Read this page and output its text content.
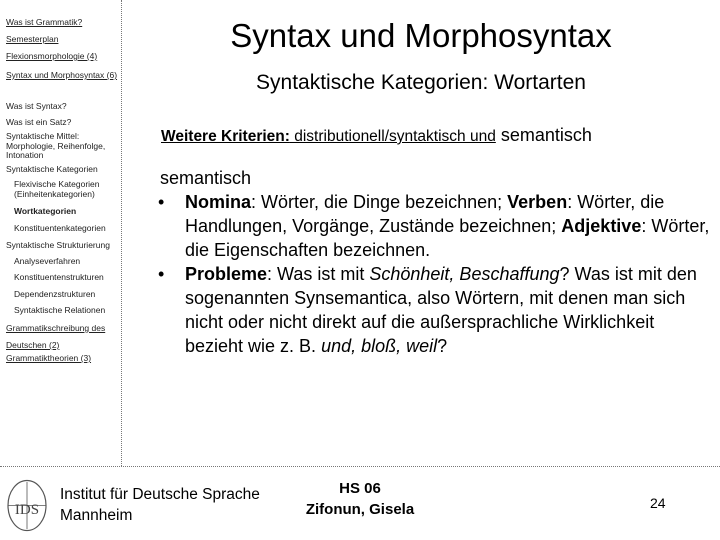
Was ist Grammatik?
Semesterplan
Flexionsmorphologie (4)
Syntax und Morphosyntax (6)
Was ist Syntax?
Was ist ein Satz?
Syntaktische Mittel: Morphologie, Reihenfolge, Intonation
Syntaktische Kategorien
Flexivische Kategorien (Einheitenkategorien)
Wortkategorien
Konstituentenkategorien
Syntaktische Strukturierung
Analyseverfahren
Konstituentenstrukturen
Dependenzstrukturen
Syntaktische Relationen
Grammatikschreibung des Deutschen (2)
Grammatiktheorien (3)
Syntax und Morphosyntax
Syntaktische Kategorien: Wortarten
Weitere Kriterien: distributionell/syntaktisch und semantisch
semantisch
• Nomina: Wörter, die Dinge bezeichnen; Verben: Wörter, die Handlungen, Vorgänge, Zustände bezeichnen; Adjektive: Wörter, die Eigenschaften bezeichnen.
• Probleme: Was ist mit Schönheit, Beschaffung? Was ist mit den sogenannten Synsemantica, also Wörtern, mit denen man sich nicht oder nicht direkt auf die außersprachliche Wirklichkeit bezieht wie z. B. und, bloß, weil?
IDS
Institut für Deutsche Sprache
Mannheim
HS 06
Zifonun, Gisela	24
